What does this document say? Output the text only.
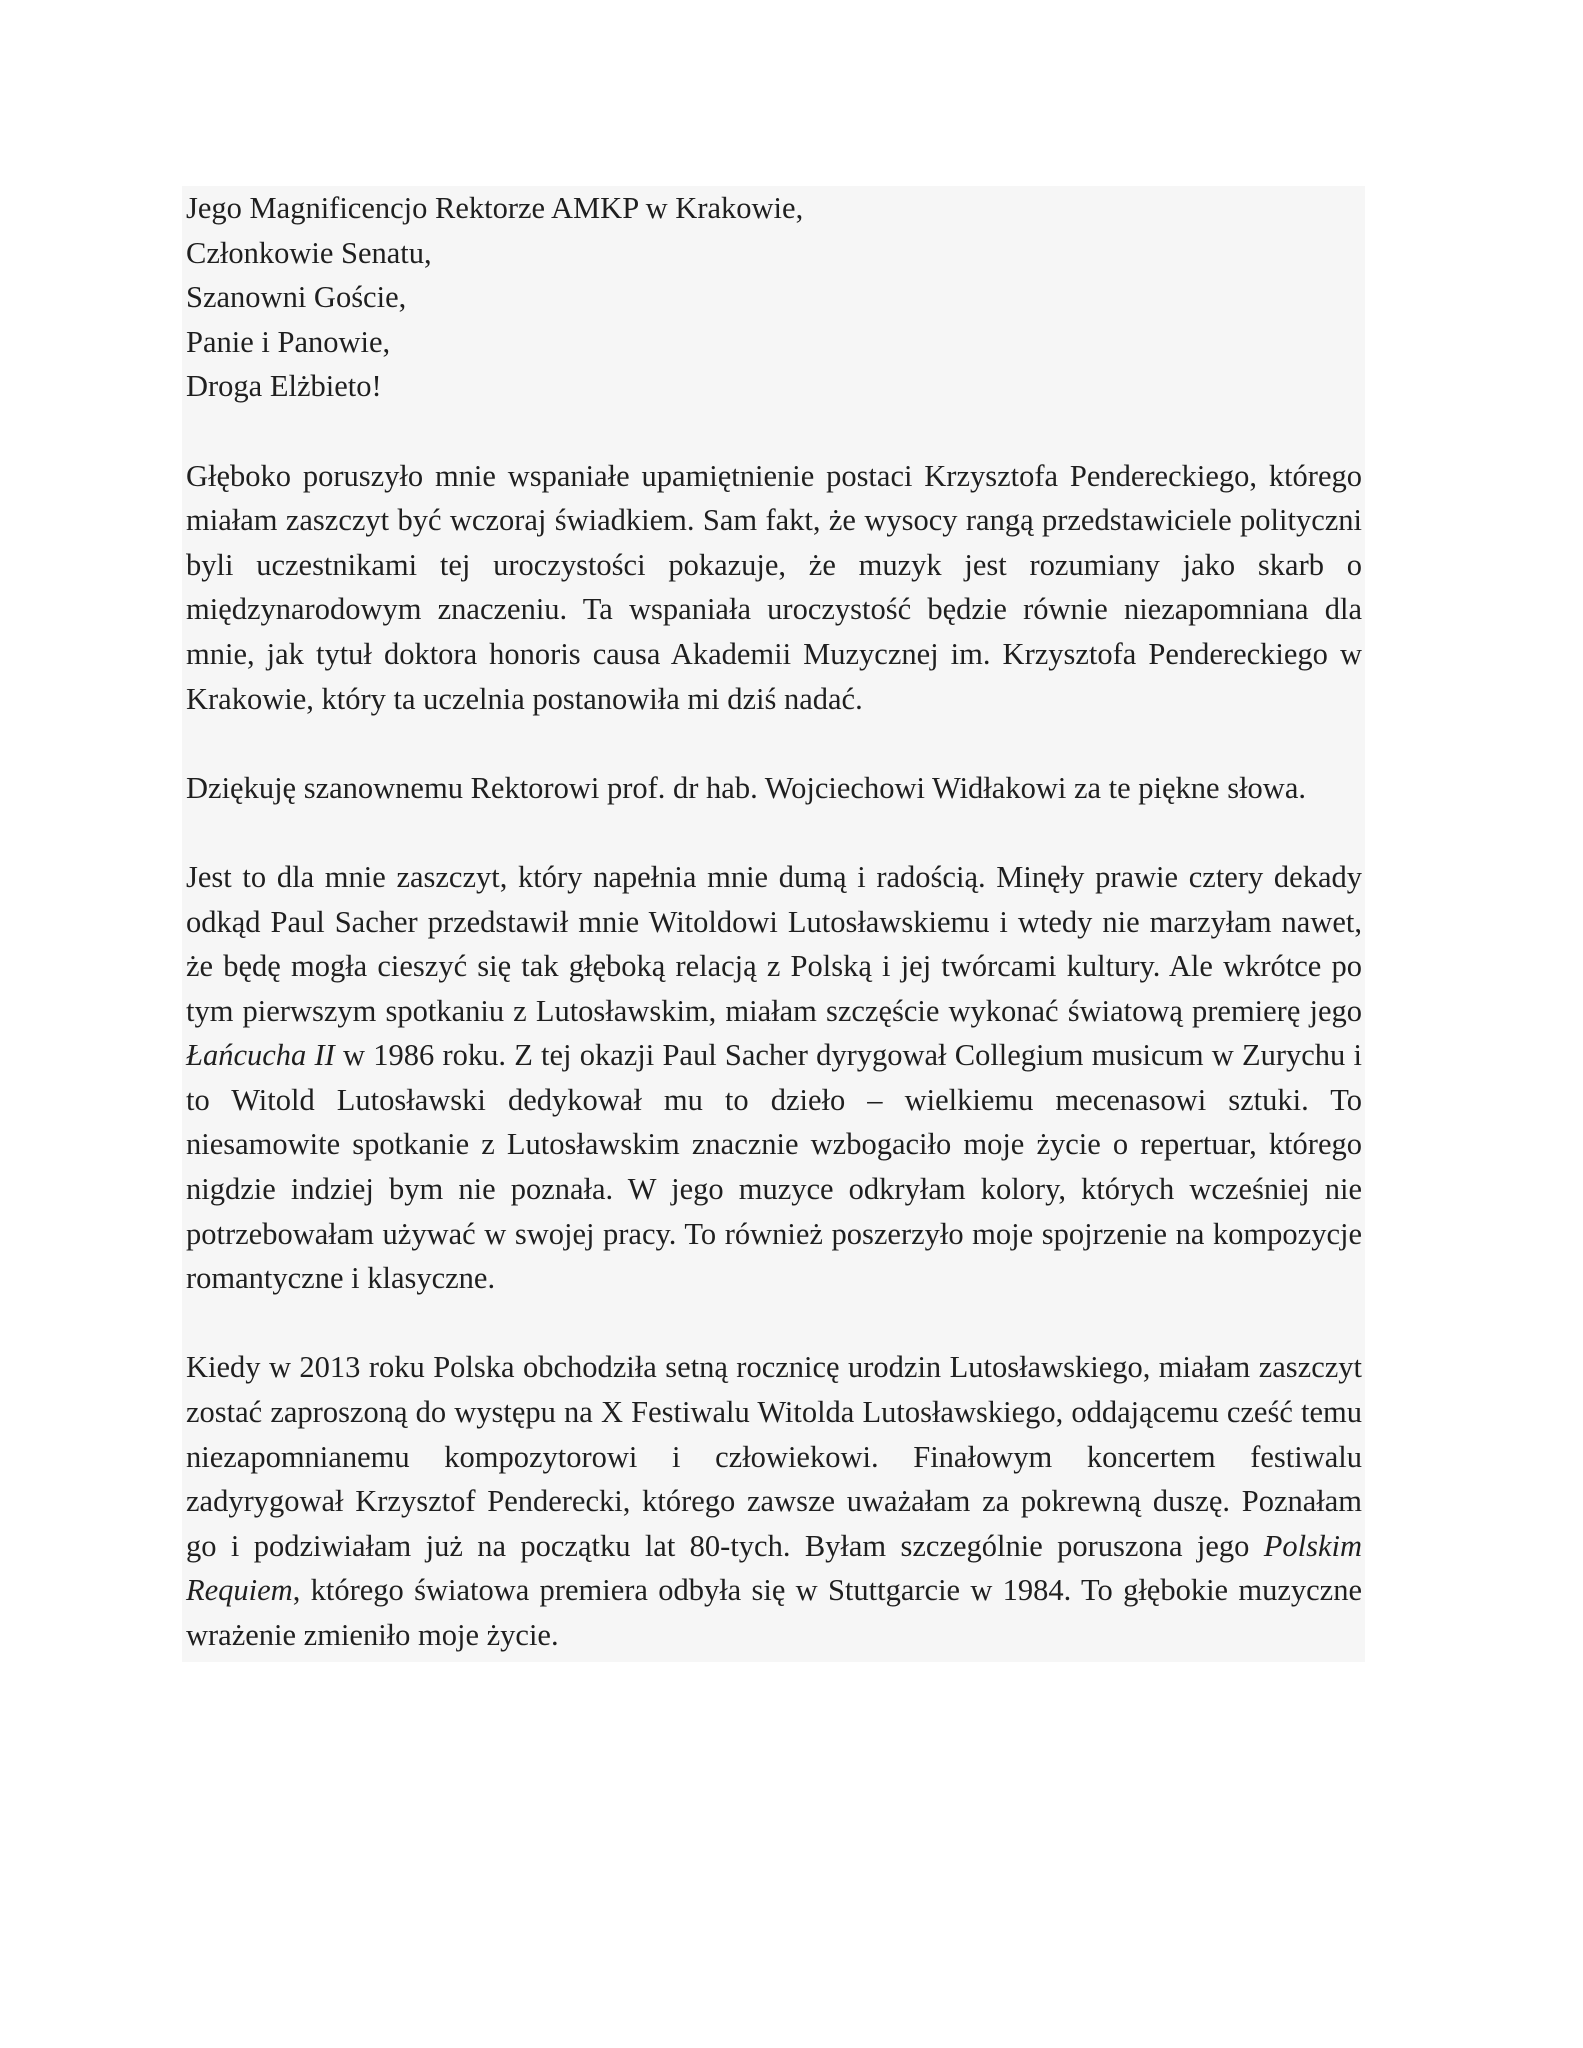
Jego Magnificencjo Rektorze AMKP w Krakowie,
Członkowie Senatu,
Szanowni Goście,
Panie i Panowie,
Droga Elżbieto!

Głęboko poruszyło mnie wspaniałe upamiętnienie postaci Krzysztofa Pendereckiego, którego miałam zaszczyt być wczoraj świadkiem. Sam fakt, że wysocy rangą przedstawiciele polityczni byli uczestnikami tej uroczystości pokazuje, że muzyk jest rozumiany jako skarb o międzynarodowym znaczeniu. Ta wspaniała uroczystość będzie równie niezapomniana dla mnie, jak tytuł doktora honoris causa Akademii Muzycznej im. Krzysztofa Pendereckiego w Krakowie, który ta uczelnia postanowiła mi dziś nadać.

Dziękuję szanownemu Rektorowi prof. dr hab. Wojciechowi Widłakowi za te piękne słowa.

Jest to dla mnie zaszczyt, który napełnia mnie dumą i radością. Minęły prawie cztery dekady odkąd Paul Sacher przedstawił mnie Witoldowi Lutosławskiemu i wtedy nie marzyłam nawet, że będę mogła cieszyć się tak głęboką relacją z Polską i jej twórcami kultury. Ale wkrótce po tym pierwszym spotkaniu z Lutosławskim, miałam szczęście wykonać światową premierę jego Łańcucha II w 1986 roku. Z tej okazji Paul Sacher dyrygował Collegium musicum w Zurychu i to Witold Lutosławski dedykował mu to dzieło – wielkiemu mecenasowi sztuki. To niesamowite spotkanie z Lutosławskim znacznie wzbogaciło moje życie o repertuar, którego nigdzie indziej bym nie poznała. W jego muzyce odkryłam kolory, których wcześniej nie potrzebowałam używać w swojej pracy. To również poszerzyło moje spojrzenie na kompozycje romantyczne i klasyczne.

Kiedy w 2013 roku Polska obchodziła setną rocznicę urodzin Lutosławskiego, miałam zaszczyt zostać zaproszoną do występu na X Festiwalu Witolda Lutosławskiego, oddającemu cześć temu niezapomnianemu kompozytorowi i człowiekowi. Finałowym koncertem festiwalu zadyrygował Krzysztof Penderecki, którego zawsze uważałam za pokrewną duszę. Poznałam go i podziwiałam już na początku lat 80-tych. Byłam szczególnie poruszona jego Polskim Requiem, którego światowa premiera odbyła się w Stuttgarcie w 1984. To głębokie muzyczne wrażenie zmieniło moje życie.
